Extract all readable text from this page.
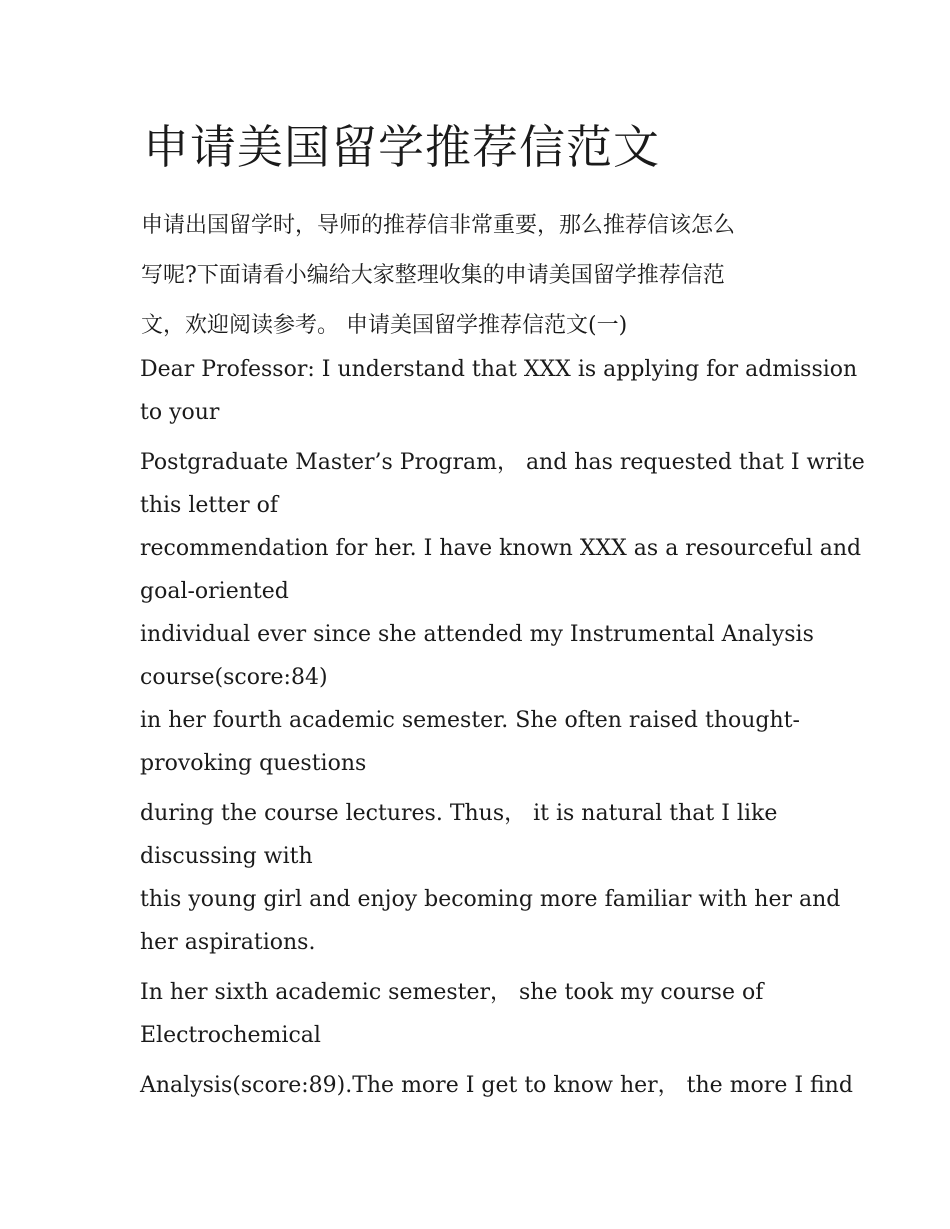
申请美国留学推荐信范文
申请出国留学时，导师的推荐信非常重要，那么推荐信该怎么
写呢?下面请看小编给大家整理收集的申请美国留学推荐信范
文，欢迎阅读参考。 申请美国留学推荐信范文(一)
Dear Professor: I understand that XXX is applying for admission
to your
Postgraduate Master’s Program， and has requested that I write
this letter of
recommendation for her. I have known XXX as a resourceful and
goal-oriented
individual ever since she attended my Instrumental Analysis
course(score:84)
in her fourth academic semester. She often raised thought-
provoking questions
during the course lectures. Thus， it is natural that I like
discussing with
this young girl and enjoy becoming more familiar with her and
her aspirations.
In her sixth academic semester， she took my course of
Electrochemical
Analysis(score:89).The more I get to know her， the more I find
